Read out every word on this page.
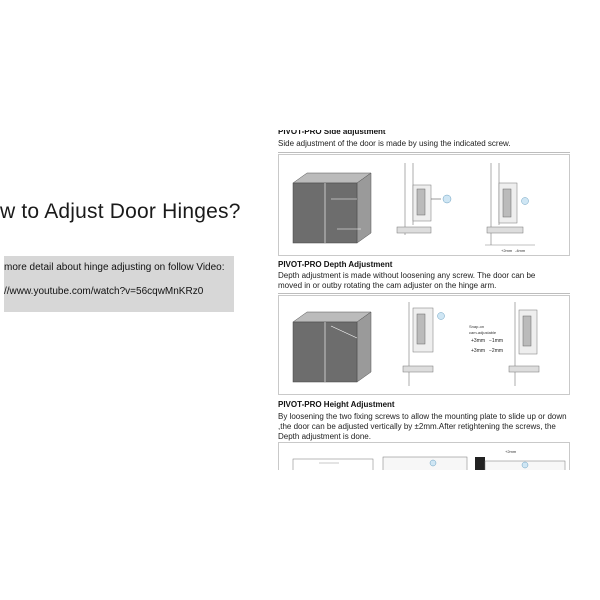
w to Adjust Door Hinges?
more detail about hinge adjusting on follow Video:
//www.youtube.com/watch?v=56cqwMnKRz0
PIVOT-PRO Side adjustment
Side adjustment of the door is made by using the indicated screw.
+2mm -4mm
PIVOT-PRO Depth Adjustment
Depth adjustment is made without loosening any screw. The door can be
moved in or outby rotating the cam adjuster on the hinge arm.
Snap-on
cam-adjustable
+3mm −1mm
+3mm −2mm
PIVOT-PRO Height Adjustment
By loosening the two fixing screws to allow the mounting plate to slide up or down
,the door can be adjusted vertically by ±2mm.After retightening the screws, the
Depth adjustment is done.
+2mm
